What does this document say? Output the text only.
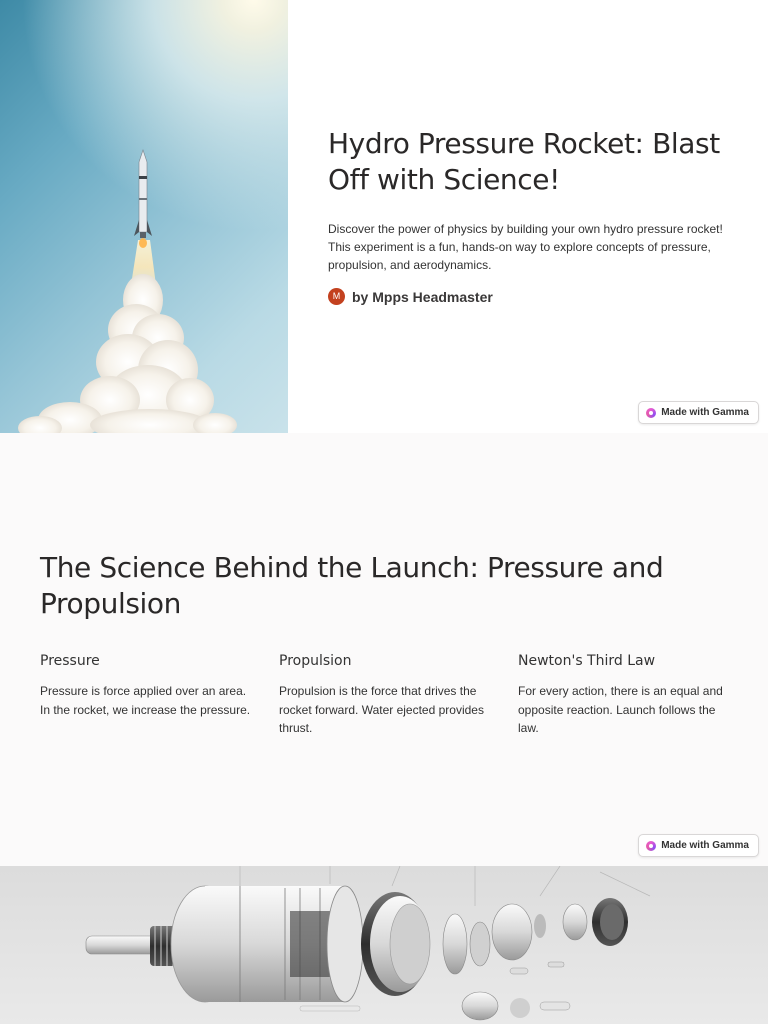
Hydro Pressure Rocket: Blast Off with Science!

Discover the power of physics by building your own hydro pressure rocket! This experiment is a fun, hands-on way to explore concepts of pressure, propulsion, and aerodynamics.

M by Mpps Headmaster
Made with Gamma
Made with Gamma
The Science Behind the Launch: Pressure and Propulsion
Pressure

Pressure is force applied over an area. In the rocket, we increase the pressure.

Propulsion

Propulsion is the force that drives the rocket forward. Water ejected provides thrust.

Newton's Third Law

For every action, there is an equal and opposite reaction. Launch follows the law.
